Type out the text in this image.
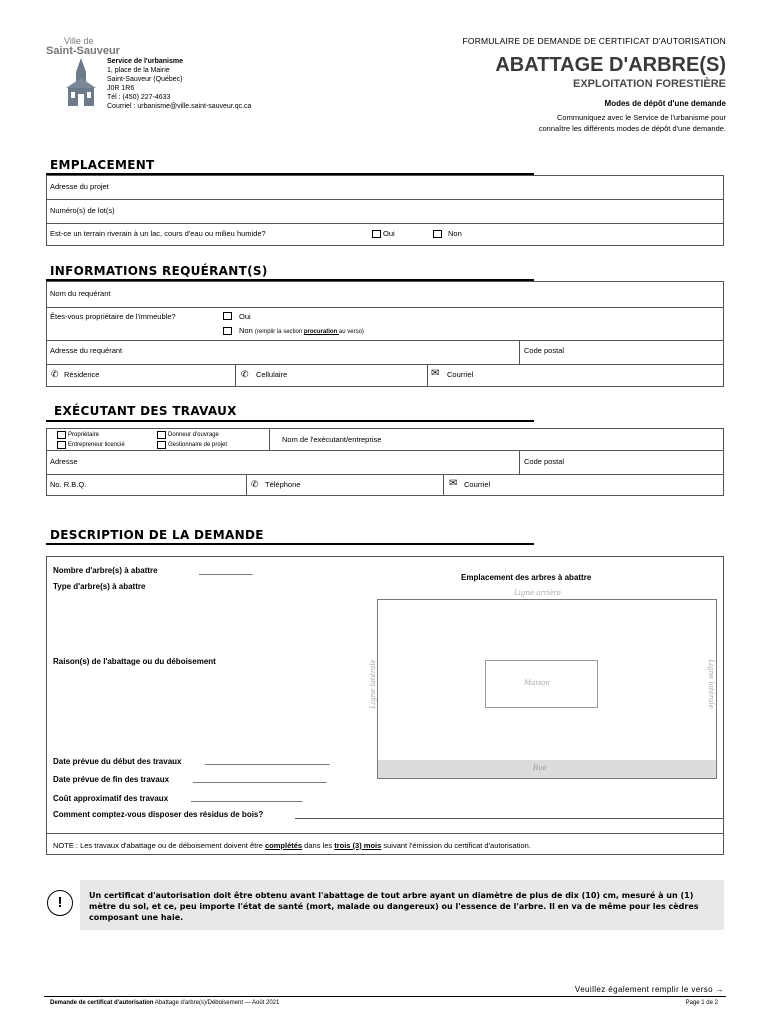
Ville de
Saint-Sauveur
Service de l'urbanisme
1, place de la Mairie
Saint-Sauveur (Québec)
J0R 1R6
Tél : (450) 227-4633
Courriel : urbanisme@ville.saint-sauveur.qc.ca
FORMULAIRE DE DEMANDE DE CERTIFICAT D'AUTORISATION
ABATTAGE D'ARBRE(S)
EXPLOITATION FORESTIÈRE
Modes de dépôt d'une demande
Communiquez avec le Service de l'urbanisme pour
connaître les différents modes de dépôt d'une demande.
EMPLACEMENT
Adresse du projet
Numéro(s) de lot(s)
Est-ce un terrain riverain à un lac, cours d'eau ou milieu humide?	Oui	Non
INFORMATIONS REQUÉRANT(S)
Nom du requérant
Êtes-vous propriétaire de l'immeuble?	Oui
Non (remplir la section procuration au verso)
Adresse du requérant	Code postal
✆ Résidence	✆ Cellulaire	✉ Courriel
EXÉCUTANT DES TRAVAUX
Propriétaire
Entrepreneur licencié
Donneur d'ouvrage
Gestionnaire de projet
Nom de l'exécutant/entreprise
Adresse	Code postal
No. R.B.Q.	✆ Téléphone	✉ Courriel
DESCRIPTION DE LA DEMANDE
Nombre d'arbre(s) à abattre	____________
Type d'arbre(s) à abattre
Raison(s) de l'abattage ou du déboisement
Date prévue du début des travaux	____________________________
Date prévue de fin des travaux	______________________________
Coût approximatif des travaux	_________________________
Comment comptez-vous disposer des résidus de bois?
Emplacement des arbres à abattre
Ligne arrière
Ligne latérale	Ligne latérale
Maison
Rue
NOTE : Les travaux d'abattage ou de déboisement doivent être complétés dans les trois (3) mois suivant l'émission du certificat d'autorisation.
!	Un certificat d'autorisation doit être obtenu avant l'abattage de tout arbre ayant un diamètre de plus de dix (10) cm, mesuré à un (1) mètre du sol, et ce, peu importe l'état de santé (mort, malade ou dangereux) ou l'essence de l'arbre. Il en va de même pour les cèdres composant une haie.
Veuillez également remplir le verso →
Demande de certificat d'autorisation Abattage d'arbre(s)/Déboisement — Août 2021	Page 1 de 2
